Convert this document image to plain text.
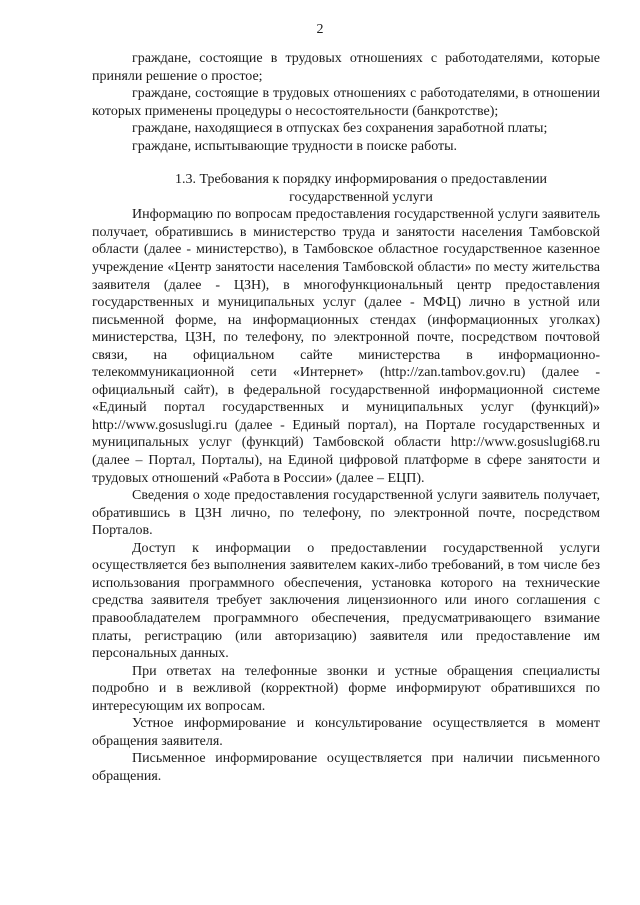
2

граждане, состоящие в трудовых отношениях с работодателями, которые приняли решение о простое;

граждане, состоящие в трудовых отношениях с работодателями, в отношении которых применены процедуры о несостоятельности (банкротстве);

граждане, находящиеся в отпусках без сохранения заработной платы;

граждане, испытывающие трудности в поиске работы.

1.3. Требования к порядку информирования о предоставлении
государственной услуги

Информацию по вопросам предоставления государственной услуги заявитель получает, обратившись в министерство труда и занятости населения Тамбовской области (далее - министерство), в Тамбовское областное государственное казенное учреждение «Центр занятости населения Тамбовской области» по месту жительства заявителя (далее - ЦЗН), в многофункциональный центр предоставления государственных и муниципальных услуг (далее - МФЦ) лично в устной или письменной форме, на информационных стендах (информационных уголках) министерства, ЦЗН, по телефону, по электронной почте, посредством почтовой связи, на официальном сайте министерства в информационно-телекоммуникационной сети «Интернет» (http://zan.tambov.gov.ru) (далее - официальный сайт), в федеральной государственной информационной системе «Единый портал государственных и муниципальных услуг (функций)» http://www.gosuslugi.ru (далее - Единый портал), на Портале государственных и муниципальных услуг (функций) Тамбовской области http://www.gosuslugi68.ru (далее – Портал, Порталы), на Единой цифровой платформе в сфере занятости и трудовых отношений «Работа в России» (далее – ЕЦП).

Сведения о ходе предоставления государственной услуги заявитель получает, обратившись в ЦЗН лично, по телефону, по электронной почте, посредством Порталов.

Доступ к информации о предоставлении государственной услуги осуществляется без выполнения заявителем каких-либо требований, в том числе без использования программного обеспечения, установка которого на технические средства заявителя требует заключения лицензионного или иного соглашения с правообладателем программного обеспечения, предусматривающего взимание платы, регистрацию (или авторизацию) заявителя или предоставление им персональных данных.

При ответах на телефонные звонки и устные обращения специалисты подробно и в вежливой (корректной) форме информируют обратившихся по интересующим их вопросам.

Устное информирование и консультирование осуществляется в момент обращения заявителя.

Письменное информирование осуществляется при наличии письменного обращения.
